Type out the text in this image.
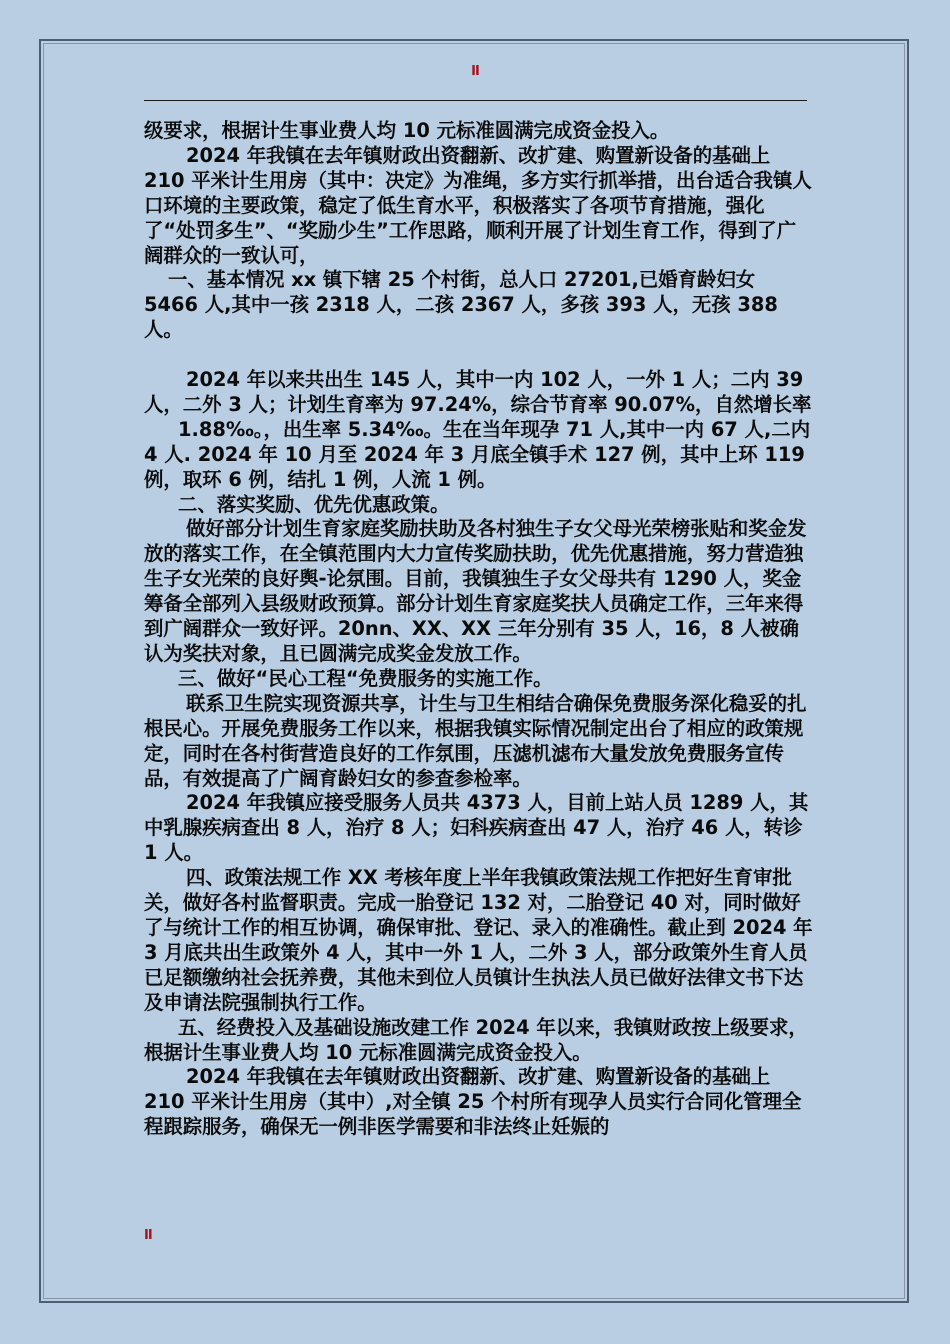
II

级要求，根据计生事业费人均 10 元标准圆满完成资金投入。

2024 年我镇在去年镇财政出资翻新、改扩建、购置新设备的基础上 210 平米计生用房（其中：决定》为准绳，多方实行抓举措，出台适合我镇人口环境的主要政策，稳定了低生育水平，积极落实了各项节育措施，强化了“处罚多生”、“奖励少生”工作思路，顺利开展了计划生育工作，得到了广阔群众的一致认可，

一、基本情况 xx 镇下辖 25 个村街，总人口 27201,已婚育龄妇女 5466 人,其中一孩 2318 人，二孩 2367 人，多孩 393 人，无孩 388 人。

2024 年以来共出生 145 人，其中一内 102 人，一外 1 人；二内 39 人，二外 3 人；计划生育率为 97.24%，综合节育率 90.07%，自然增长率

1.88‰。，出生率 5.34‰。生在当年现孕 71 人,其中一内 67 人,二内 4 人. 2024 年 10 月至 2024 年 3 月底全镇手术 127 例，其中上环 119 例，取环 6 例，结扎 1 例，人流 1 例。

二、落实奖励、优先优惠政策。

做好部分计划生育家庭奖励扶助及各村独生子女父母光荣榜张贴和奖金发放的落实工作，在全镇范围内大力宣传奖励扶助，优先优惠措施，努力营造独生子女光荣的良好舆-论氛围。目前，我镇独生子女父母共有 1290 人，奖金筹备全部列入县级财政预算。部分计划生育家庭奖扶人员确定工作，三年来得到广阔群众一致好评。20nn、XX、XX 三年分别有 35 人，16，8 人被确认为奖扶对象，且已圆满完成奖金发放工作。

三、做好“民心工程“免费服务的实施工作。

联系卫生院实现资源共享，计生与卫生相结合确保免费服务深化稳妥的扎根民心。开展免费服务工作以来，根据我镇实际情况制定出台了相应的政策规定，同时在各村街营造良好的工作氛围，压滤机滤布大量发放免费服务宣传品，有效提高了广阔育龄妇女的参查参检率。

2024 年我镇应接受服务人员共 4373 人，目前上站人员 1289 人，其中乳腺疾病查出 8 人，治疗 8 人；妇科疾病查出 47 人，治疗 46 人，转诊 1 人。

四、政策法规工作 XX 考核年度上半年我镇政策法规工作把好生育审批关，做好各村监督职责。完成一胎登记 132 对，二胎登记 40 对，同时做好了与统计工作的相互协调，确保审批、登记、录入的准确性。截止到 2024 年 3 月底共出生政策外 4 人，其中一外 1 人，二外 3 人，部分政策外生育人员已足额缴纳社会抚养费，其他未到位人员镇计生执法人员已做好法律文书下达及申请法院强制执行工作。

五、经费投入及基础设施改建工作 2024 年以来，我镇财政按上级要求，根据计生事业费人均 10 元标准圆满完成资金投入。

2024 年我镇在去年镇财政出资翻新、改扩建、购置新设备的基础上 210 平米计生用房（其中）,对全镇 25 个村所有现孕人员实行合同化管理全程跟踪服务，确保无一例非医学需要和非法终止妊娠的

II
